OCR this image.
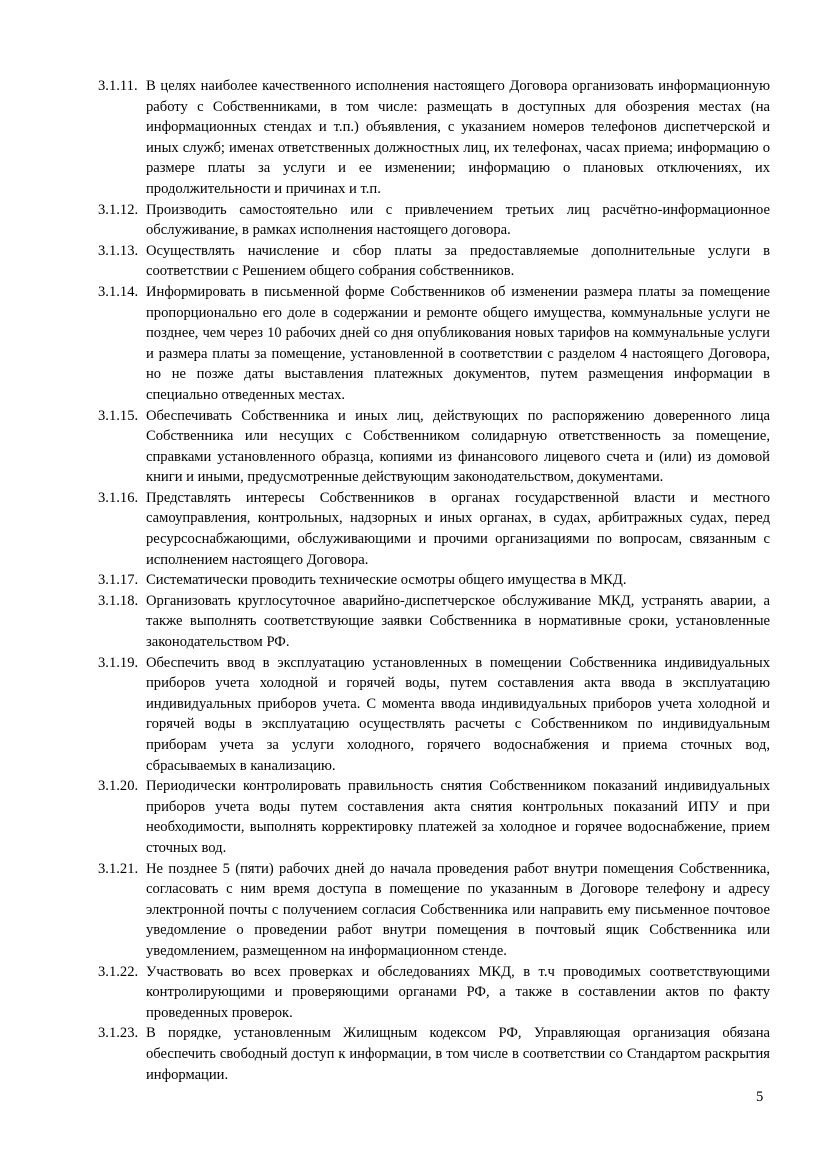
3.1.11. В целях наиболее качественного исполнения настоящего Договора организовать информационную работу с Собственниками, в том числе: размещать в доступных для обозрения местах (на информационных стендах и т.п.) объявления, с указанием номеров телефонов диспетчерской и иных служб; именах ответственных должностных лиц, их телефонах, часах приема; информацию о размере платы за услуги и ее изменении; информацию о плановых отключениях, их продолжительности и причинах и т.п.
3.1.12. Производить самостоятельно или с привлечением третьих лиц расчётно-информационное обслуживание, в рамках исполнения настоящего договора.
3.1.13. Осуществлять начисление и сбор платы за предоставляемые дополнительные услуги в соответствии с Решением общего собрания собственников.
3.1.14. Информировать в письменной форме Собственников об изменении размера платы за помещение пропорционально его доле в содержании и ремонте общего имущества, коммунальные услуги не позднее, чем через 10 рабочих дней со дня опубликования новых тарифов на коммунальные услуги и размера платы за помещение, установленной в соответствии с разделом 4 настоящего Договора, но не позже даты выставления платежных документов, путем размещения информации в специально отведенных местах.
3.1.15. Обеспечивать Собственника и иных лиц, действующих по распоряжению доверенного лица Собственника или несущих с Собственником солидарную ответственность за помещение, справками установленного образца, копиями из финансового лицевого счета и (или) из домовой книги и иными, предусмотренные действующим законодательством, документами.
3.1.16. Представлять интересы Собственников в органах государственной власти и местного самоуправления, контрольных, надзорных и иных органах, в судах, арбитражных судах, перед ресурсоснабжающими, обслуживающими и прочими организациями по вопросам, связанным с исполнением настоящего Договора.
3.1.17. Систематически проводить технические осмотры общего имущества в МКД.
3.1.18. Организовать круглосуточное аварийно-диспетчерское обслуживание МКД, устранять аварии, а также выполнять соответствующие заявки Собственника в нормативные сроки, установленные законодательством РФ.
3.1.19. Обеспечить ввод в эксплуатацию установленных в помещении Собственника индивидуальных приборов учета холодной и горячей воды, путем составления акта ввода в эксплуатацию индивидуальных приборов учета. С момента ввода индивидуальных приборов учета холодной и горячей воды в эксплуатацию осуществлять расчеты с Собственником по индивидуальным приборам учета за услуги холодного, горячего водоснабжения и приема сточных вод, сбрасываемых в канализацию.
3.1.20. Периодически контролировать правильность снятия Собственником показаний индивидуальных приборов учета воды путем составления акта снятия контрольных показаний ИПУ и при необходимости, выполнять корректировку платежей за холодное и горячее водоснабжение, прием сточных вод.
3.1.21. Не позднее 5 (пяти) рабочих дней до начала проведения работ внутри помещения Собственника, согласовать с ним время доступа в помещение по указанным в Договоре телефону и адресу электронной почты с получением согласия Собственника или направить ему письменное почтовое уведомление о проведении работ внутри помещения в почтовый ящик Собственника или уведомлением, размещенном на информационном стенде.
3.1.22. Участвовать во всех проверках и обследованиях МКД, в т.ч проводимых соответствующими контролирующими и проверяющими органами РФ, а также в составлении актов по факту проведенных проверок.
3.1.23. В порядке, установленным Жилищным кодексом РФ, Управляющая организация обязана обеспечить свободный доступ к информации, в том числе в соответствии со Стандартом раскрытия информации.
5
